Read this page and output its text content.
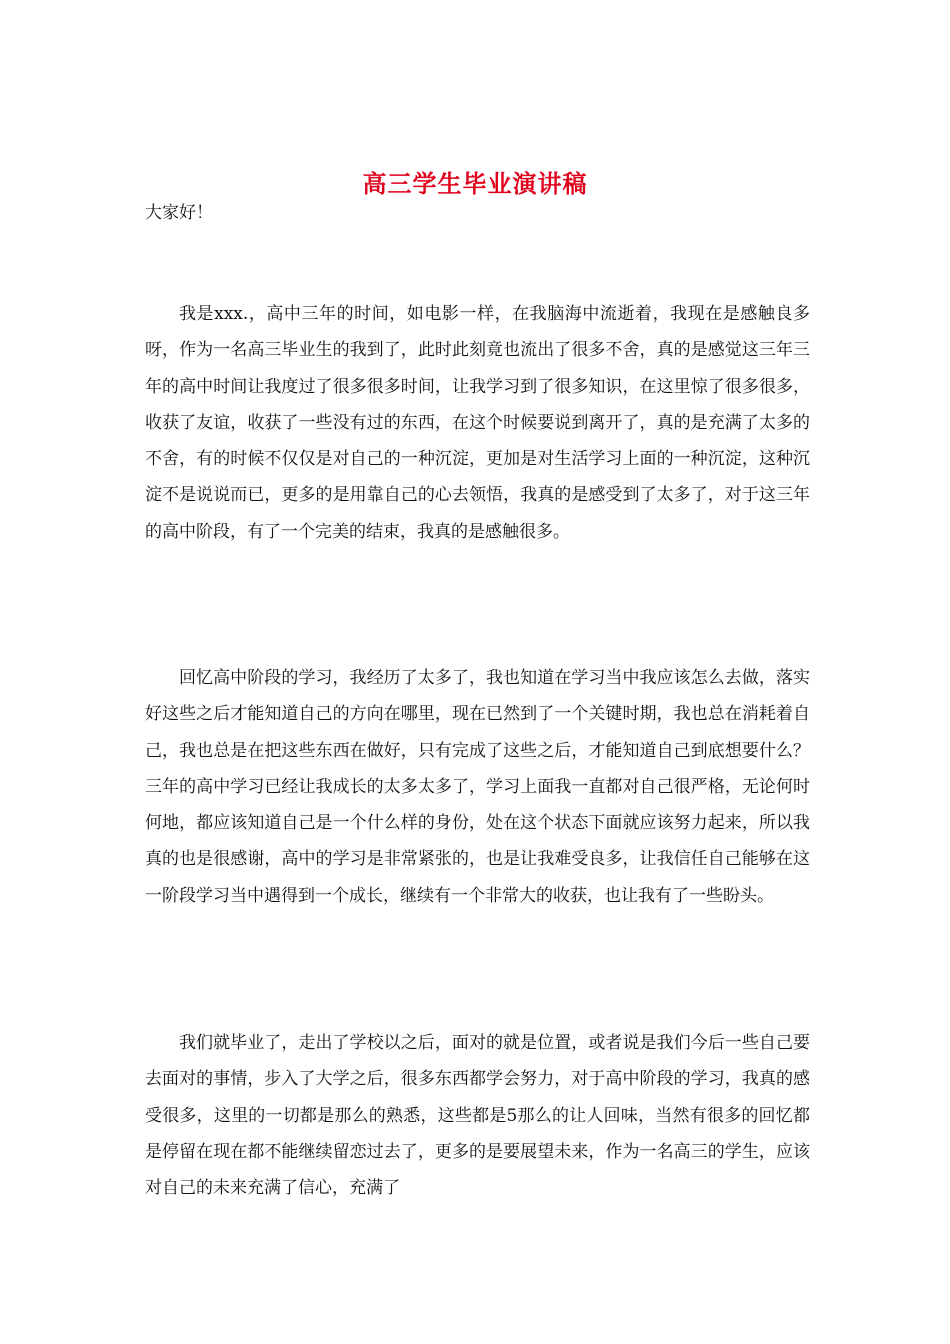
高三学生毕业演讲稿
大家好！

我是xxx.，高中三年的时间，如电影一样，在我脑海中流逝着，我现在是感触良多呀，作为一名高三毕业生的我到了，此时此刻竟也流出了很多不舍，真的是感觉这三年三年的高中时间让我度过了很多很多时间，让我学习到了很多知识，在这里惊了很多很多，收获了友谊，收获了一些没有过的东西，在这个时候要说到离开了，真的是充满了太多的不舍，有的时候不仅仅是对自己的一种沉淀，更加是对生活学习上面的一种沉淀，这种沉淀不是说说而已，更多的是用靠自己的心去领悟，我真的是感受到了太多了，对于这三年的高中阶段，有了一个完美的结束，我真的是感触很多。

回忆高中阶段的学习，我经历了太多了，我也知道在学习当中我应该怎么去做，落实好这些之后才能知道自己的方向在哪里，现在已然到了一个关键时期，我也总在消耗着自己，我也总是在把这些东西在做好，只有完成了这些之后，才能知道自己到底想要什么？三年的高中学习已经让我成长的太多太多了，学习上面我一直都对自己很严格，无论何时何地，都应该知道自己是一个什么样的身份，处在这个状态下面就应该努力起来，所以我真的也是很感谢，高中的学习是非常紧张的，也是让我难受良多，让我信任自己能够在这一阶段学习当中遇得到一个成长，继续有一个非常大的收获，也让我有了一些盼头。

我们就毕业了，走出了学校以之后，面对的就是位置，或者说是我们今后一些自己要去面对的事情，步入了大学之后，很多东西都学会努力，对于高中阶段的学习，我真的感受很多，这里的一切都是那么的熟悉，这些都是5那么的让人回味，当然有很多的回忆都是停留在现在都不能继续留恋过去了，更多的是要展望未来，作为一名高三的学生，应该对自己的未来充满了信心，充满了
